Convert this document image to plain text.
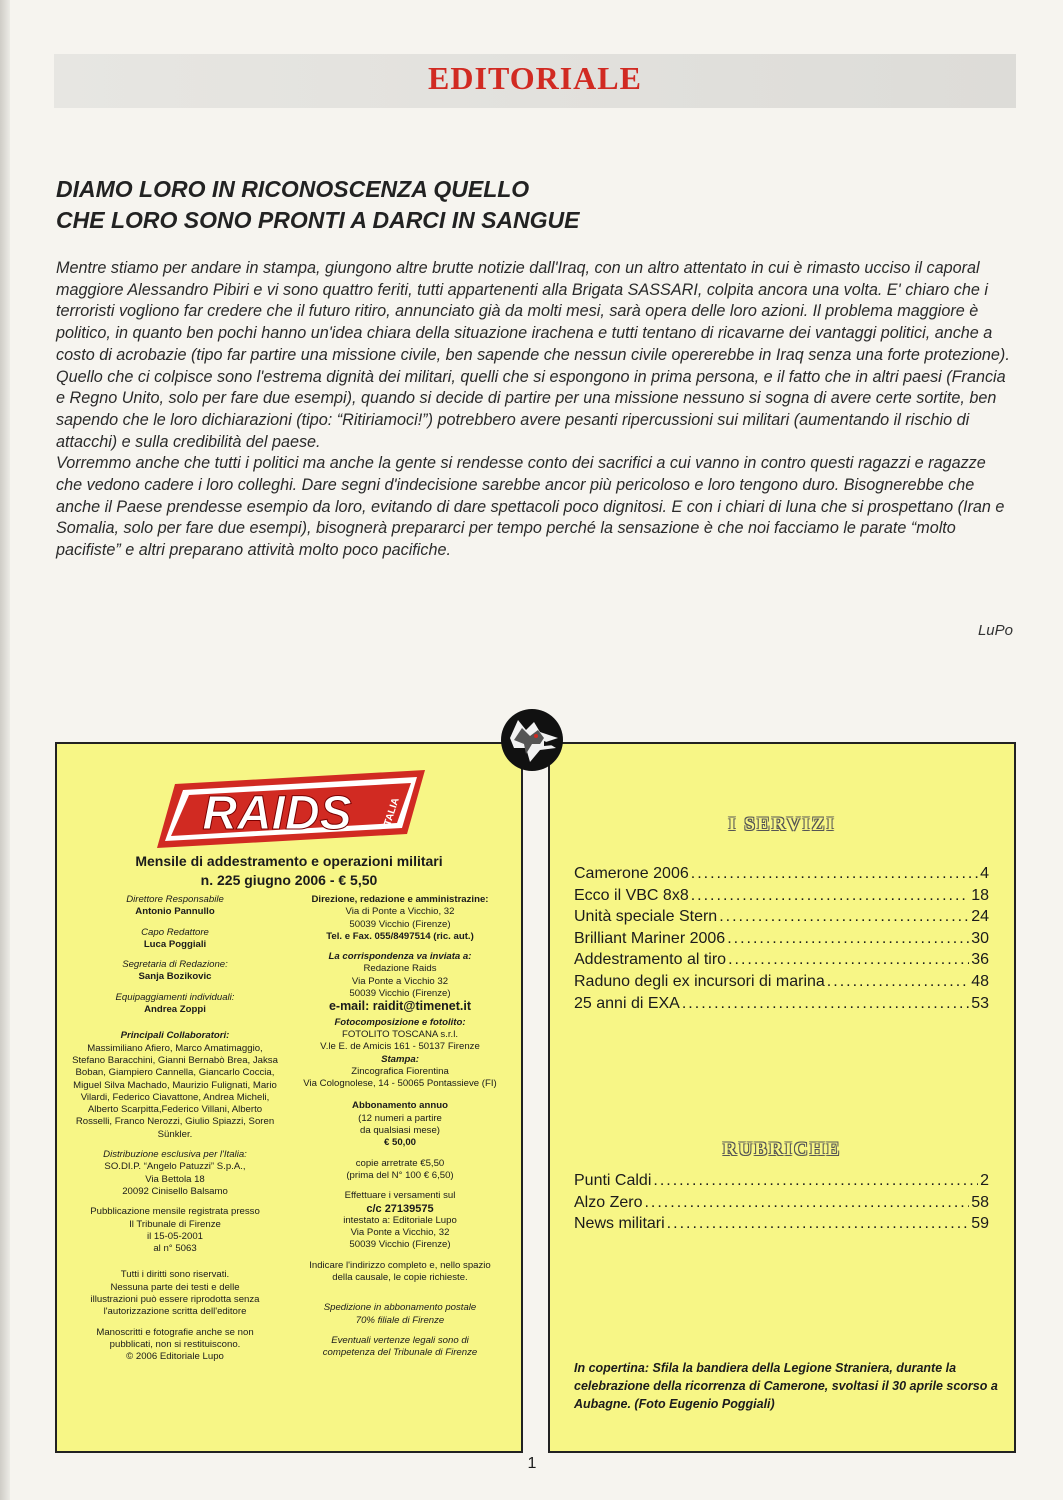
EDITORIALE
DIAMO LORO IN RICONOSCENZA QUELLO
CHE LORO SONO PRONTI A DARCI IN SANGUE

Mentre stiamo per andare in stampa, giungono altre brutte notizie dall'Iraq, con un altro attentato in cui è rimasto ucciso il caporal maggiore Alessandro Pibiri e vi sono quattro feriti, tutti appartenenti alla Brigata SASSARI, colpita ancora una volta. E' chiaro che i terroristi vogliono far credere che il futuro ritiro, annunciato già da molti mesi, sarà opera delle loro azioni. Il problema maggiore è politico, in quanto ben pochi hanno un'idea chiara della situazione irachena e tutti tentano di ricavarne dei vantaggi politici, anche a costo di acrobazie (tipo far partire una missione civile, ben sapende che nessun civile opererebbe in Iraq senza una forte protezione).

Quello che ci colpisce sono l'estrema dignità dei militari, quelli che si espongono in prima persona, e il fatto che in altri paesi (Francia e Regno Unito, solo per fare due esempi), quando si decide di partire per una missione nessuno si sogna di avere certe sortite, ben sapendo che le loro dichiarazioni (tipo: “Ritiriamoci!”) potrebbero avere pesanti ripercussioni sui militari (aumentando il rischio di attacchi) e sulla credibilità del paese.

Vorremmo anche che tutti i politici ma anche la gente si rendesse conto dei sacrifici a cui vanno in contro questi ragazzi e ragazze che vedono cadere i loro colleghi. Dare segni d'indecisione sarebbe ancor più pericoloso e loro tengono duro. Bisognerebbe che anche il Paese prendesse esempio da loro, evitando di dare spettacoli poco dignitosi. E con i chiari di luna che si prospettano (Iran e Somalia, solo per fare due esempi), bisognerà prepararci per tempo perché la sensazione è che noi facciamo le parate “molto pacifiste” e altri preparano attività molto poco pacifiche.

LuPo
RAIDS	ITALIA
Mensile di addestramento e operazioni militari
n. 225 giugno 2006 - € 5,50
Direttore Responsabile
Antonio Pannullo
Capo Redattore
Luca Poggiali
Segretaria di Redazione:
Sanja Bozikovic
Equipaggiamenti individuali:
Andrea Zoppi
Principali Collaboratori:
Massimiliano Afiero, Marco Amatimaggio, Stefano Baracchini, Gianni Bernabò Brea, Jaksa Boban, Giampiero Cannella, Giancarlo Coccia, Miguel Silva Machado, Maurizio Fulignati, Mario Vilardi, Federico Ciavattone, Andrea Micheli, Alberto Scarpitta,Federico Villani, Alberto Rosselli, Franco Nerozzi, Giulio Spiazzi, Soren Sünkler.
Distribuzione esclusiva per l'Italia:
SO.DI.P. “Angelo Patuzzi” S.p.A.,
Via Bettola 18
20092 Cinisello Balsamo
Pubblicazione mensile registrata presso
Il Tribunale di Firenze
il 15-05-2001
al n° 5063
Tutti i diritti sono riservati.
Nessuna parte dei testi e delle
illustrazioni può essere riprodotta senza
l'autorizzazione scritta dell'editore
Manoscritti e fotografie anche se non
pubblicati, non si restituiscono.
© 2006 Editoriale Lupo
Direzione, redazione e amministrazine:
Via di Ponte a Vicchio, 32
50039 Vicchio (Firenze)
Tel. e Fax. 055/8497514 (ric. aut.)
La corrispondenza va inviata a:
Redazione Raids
Via Ponte a Vicchio 32
50039 Vicchio (Firenze)
e-mail: raidit@timenet.it
Fotocomposizione e fotolito:
FOTOLITO TOSCANA s.r.l.
V.le E. de Amicis 161 - 50137 Firenze
Stampa:
Zincografica Fiorentina
Via Colognolese, 14 - 50065 Pontassieve (FI)
Abbonamento annuo
(12 numeri a partire
da qualsiasi mese)
€ 50,00
copie arretrate €5,50
(prima del N° 100 € 6,50)
Effettuare i versamenti sul
c/c 27139575
intestato a: Editoriale Lupo
Via Ponte a Vicchio, 32
50039 Vicchio (Firenze)
Indicare l'indirizzo completo e, nello spazio
della causale, le copie richieste.
Spedizione in abbonamento postale
70% filiale di Firenze
Eventuali vertenze legali sono di
competenza del Tribunale di Firenze
I SERVIZI
Camerone 2006 .....	4
Ecco il VBC 8x8 .....	18
Unità speciale Stern .....	24
Brilliant Mariner 2006 .....	30
Addestramento al tiro .....	36
Raduno degli ex incursori di marina .....	48
25 anni di EXA .....	53
RUBRICHE
Punti Caldi .....	2
Alzo Zero .....	58
News militari .....	59
In copertina: Sfila la bandiera della Legione Straniera, durante la celebrazione della ricorrenza di Camerone, svoltasi il 30 aprile scorso a Aubagne. (Foto Eugenio Poggiali)
1
